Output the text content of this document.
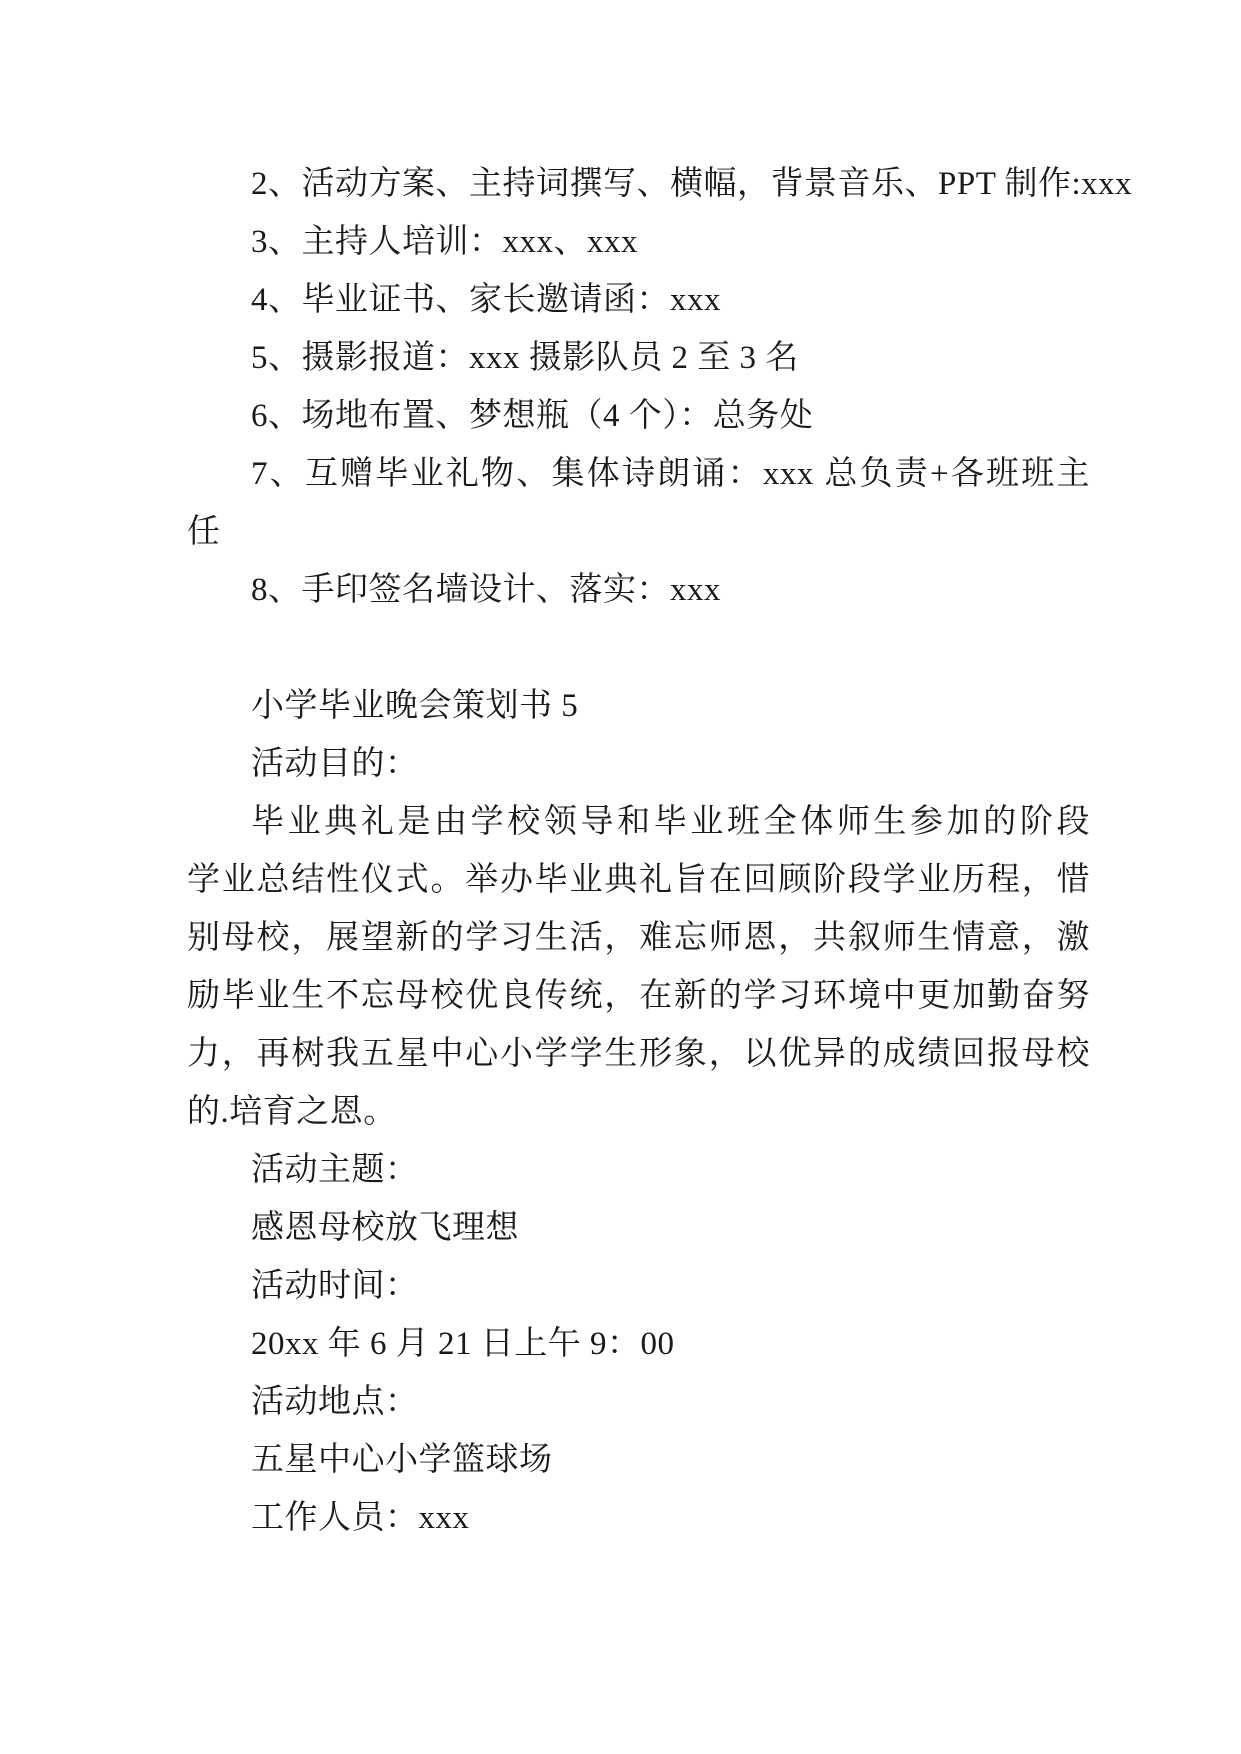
2、活动方案、主持词撰写、横幅，背景音乐、PPT 制作:xxx
3、主持人培训：xxx、xxx
4、毕业证书、家长邀请函：xxx
5、摄影报道：xxx 摄影队员 2 至 3 名
6、场地布置、梦想瓶（4 个）：总务处
7、互赠毕业礼物、集体诗朗诵：xxx 总负责+各班班主
任
8、手印签名墙设计、落实：xxx
小学毕业晚会策划书 5
活动目的：
毕业典礼是由学校领导和毕业班全体师生参加的阶段
学业总结性仪式。举办毕业典礼旨在回顾阶段学业历程，惜
别母校，展望新的学习生活，难忘师恩，共叙师生情意，激
励毕业生不忘母校优良传统，在新的学习环境中更加勤奋努
力，再树我五星中心小学学生形象，以优异的成绩回报母校
的.培育之恩。
活动主题：
感恩母校放飞理想
活动时间：
20xx 年 6 月 21 日上午 9：00
活动地点：
五星中心小学篮球场
工作人员：xxx
